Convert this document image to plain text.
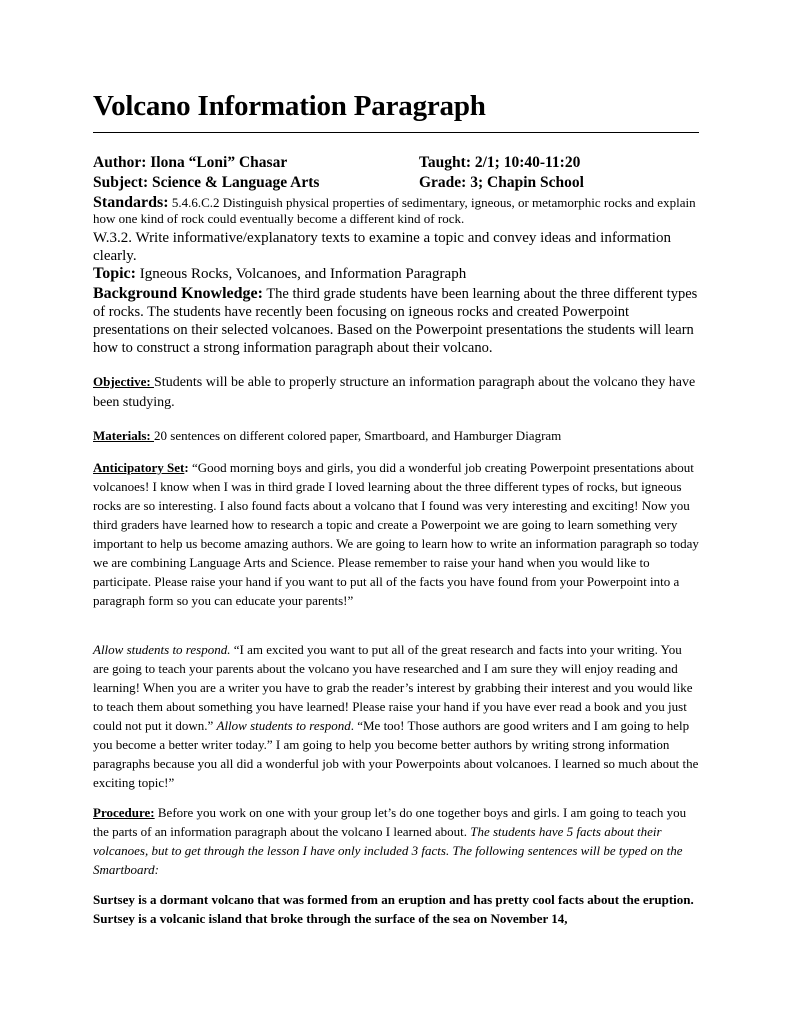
Volcano Information Paragraph
Author: Ilona “Loni” Chasar	Taught: 2/1; 10:40-11:20
Subject: Science & Language Arts	Grade: 3; Chapin School
Standards: 5.4.6.C.2 Distinguish physical properties of sedimentary, igneous, or metamorphic rocks and explain how one kind of rock could eventually become a different kind of rock.
W.3.2. Write informative/explanatory texts to examine a topic and convey ideas and information clearly.
Topic: Igneous Rocks, Volcanoes, and Information Paragraph
Background Knowledge: The third grade students have been learning about the three different types of rocks. The students have recently been focusing on igneous rocks and created Powerpoint presentations on their selected volcanoes. Based on the Powerpoint presentations the students will learn how to construct a strong information paragraph about their volcano.
Objective: Students will be able to properly structure an information paragraph about the volcano they have been studying.
Materials: 20 sentences on different colored paper, Smartboard, and Hamburger Diagram
Anticipatory Set: “Good morning boys and girls, you did a wonderful job creating Powerpoint presentations about volcanoes! I know when I was in third grade I loved learning about the three different types of rocks, but igneous rocks are so interesting. I also found facts about a volcano that I found was very interesting and exciting! Now you third graders have learned how to research a topic and create a Powerpoint we are going to learn something very important to help us become amazing authors. We are going to learn how to write an information paragraph so today we are combining Language Arts and Science. Please remember to raise your hand when you would like to participate. Please raise your hand if you want to put all of the facts you have found from your Powerpoint into a paragraph form so you can educate your parents!”
Allow students to respond. “I am excited you want to put all of the great research and facts into your writing. You are going to teach your parents about the volcano you have researched and I am sure they will enjoy reading and learning! When you are a writer you have to grab the reader’s interest by grabbing their interest and you would like to teach them about something you have learned! Please raise your hand if you have ever read a book and you just could not put it down.” Allow students to respond. “Me too! Those authors are good writers and I am going to help you become a better writer today.” I am going to help you become better authors by writing strong information paragraphs because you all did a wonderful job with your Powerpoints about volcanoes. I learned so much about the exciting topic!”
Procedure: Before you work on one with your group let’s do one together boys and girls. I am going to teach you the parts of an information paragraph about the volcano I learned about. The students have 5 facts about their volcanoes, but to get through the lesson I have only included 3 facts. The following sentences will be typed on the Smartboard:
Surtsey is a dormant volcano that was formed from an eruption and has pretty cool facts about the eruption. Surtsey is a volcanic island that broke through the surface of the sea on November 14,
